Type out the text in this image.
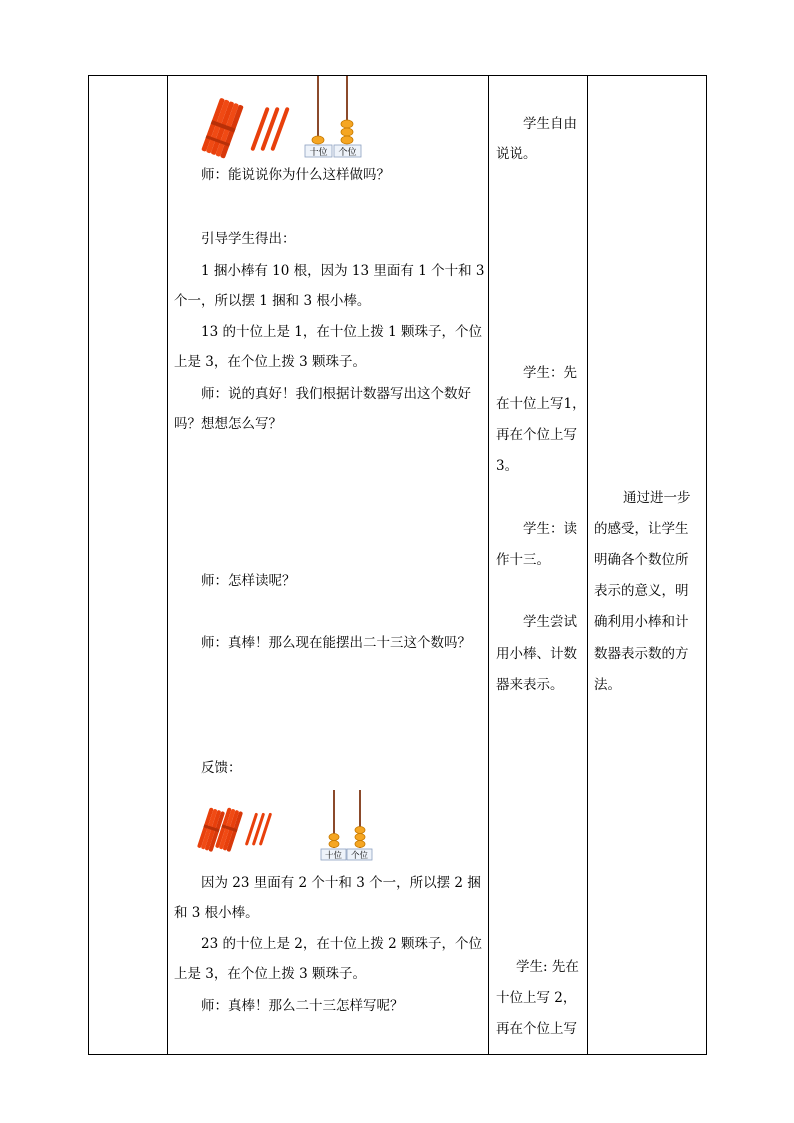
十位 个位
师：能说说你为什么这样做吗？
引导学生得出：
1 捆小棒有 10 根，因为 13 里面有 1 个十和 3
个一，所以摆 1 捆和 3 根小棒。
13 的十位上是 1，在十位上拨 1 颗珠子，个位
上是 3，在个位上拨 3 颗珠子。
师：说的真好！我们根据计数器写出这个数好
吗？想想怎么写？
师：怎样读呢？
师：真棒！那么现在能摆出二十三这个数吗？
反馈：
十位 个位
因为 23 里面有 2 个十和 3 个一，所以摆 2 捆
和 3 根小棒。
23 的十位上是 2，在十位上拨 2 颗珠子，个位
上是 3，在个位上拨 3 颗珠子。
师：真棒！那么二十三怎样写呢？
学生自由
说说。
学生：先
在十位上写1，
再在个位上写
3。
学生：读
作十三。
学生尝试
用小棒、计数
器来表示。
学生: 先在
十位上写 2，
再在个位上写
通过进一步
的感受，让学生
明确各个数位所
表示的意义，明
确利用小棒和计
数器表示数的方
法。
